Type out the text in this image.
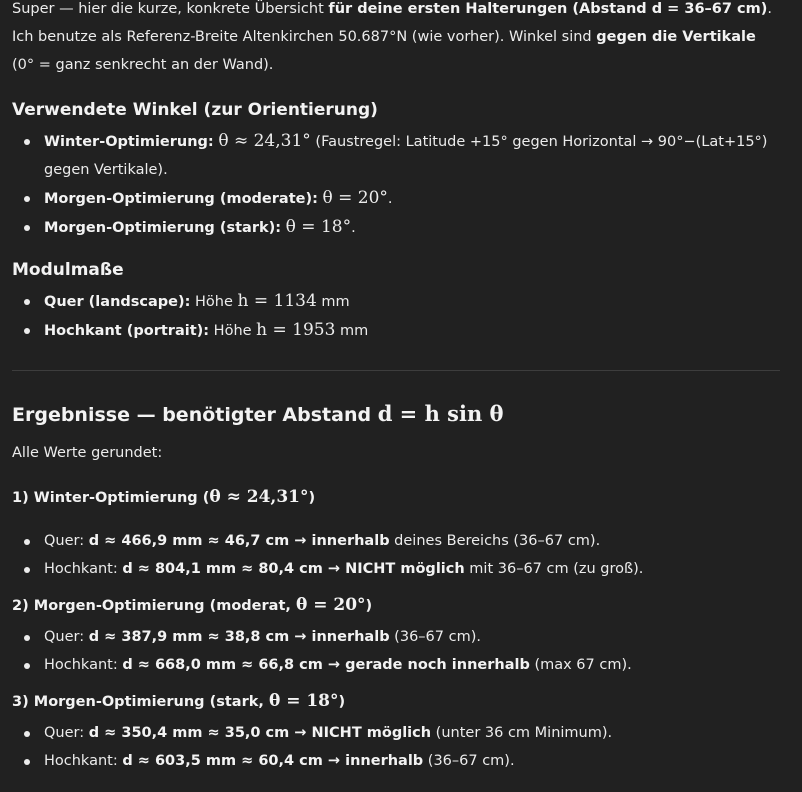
Super — hier die kurze, konkrete Übersicht für deine ersten Halterungen (Abstand d = 36–67 cm). Ich benutze als Referenz-Breite Altenkirchen 50.687°N (wie vorher). Winkel sind gegen die Vertikale (0° = ganz senkrecht an der Wand).
Verwendete Winkel (zur Orientierung)
Winter-Optimierung: θ ≈ 24,31° (Faustregel: Latitude +15° gegen Horizontal → 90°−(Lat+15°) gegen Vertikale).
Morgen-Optimierung (moderate): θ = 20°.
Morgen-Optimierung (stark): θ = 18°.
Modulmaße
Quer (landscape): Höhe h = 1134 mm
Hochkant (portrait): Höhe h = 1953 mm
Ergebnisse — benötigter Abstand d = h sin θ
Alle Werte gerundet:
1) Winter-Optimierung (θ ≈ 24,31°)
Quer: d ≈ 466,9 mm ≈ 46,7 cm → innerhalb deines Bereichs (36–67 cm).
Hochkant: d ≈ 804,1 mm ≈ 80,4 cm → NICHT möglich mit 36–67 cm (zu groß).
2) Morgen-Optimierung (moderat, θ = 20°)
Quer: d ≈ 387,9 mm ≈ 38,8 cm → innerhalb (36–67 cm).
Hochkant: d ≈ 668,0 mm ≈ 66,8 cm → gerade noch innerhalb (max 67 cm).
3) Morgen-Optimierung (stark, θ = 18°)
Quer: d ≈ 350,4 mm ≈ 35,0 cm → NICHT möglich (unter 36 cm Minimum).
Hochkant: d ≈ 603,5 mm ≈ 60,4 cm → innerhalb (36–67 cm).
